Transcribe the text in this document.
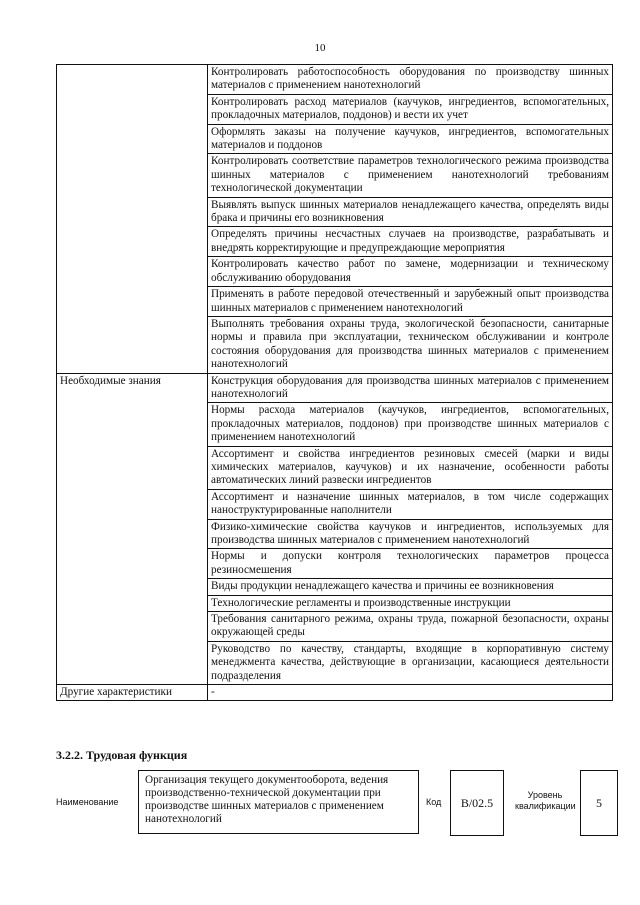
10
	Контролировать работоспособность оборудования по производству шинных материалов с применением нанотехнологий
	Контролировать расход материалов (каучуков, ингредиентов, вспомогательных, прокладочных материалов, поддонов) и вести их учет
	Оформлять заказы на получение каучуков, ингредиентов, вспомогательных материалов и поддонов
	Контролировать соответствие параметров технологического режима производства шинных материалов с применением нанотехнологий требованиям технологической документации
	Выявлять выпуск шинных материалов ненадлежащего качества, определять виды брака и причины его возникновения
	Определять причины несчастных случаев на производстве, разрабатывать и внедрять корректирующие и предупреждающие мероприятия
	Контролировать качество работ по замене, модернизации и техническому обслуживанию оборудования
	Применять в работе передовой отечественный и зарубежный опыт производства шинных материалов с применением нанотехнологий
	Выполнять требования охраны труда, экологической безопасности, санитарные нормы и правила при эксплуатации, техническом обслуживании и контроле состояния оборудования для производства шинных материалов с применением нанотехнологий
Необходимые знания	Конструкция оборудования для производства шинных материалов с применением нанотехнологий
	Нормы расхода материалов (каучуков, ингредиентов, вспомогательных, прокладочных материалов, поддонов) при производстве шинных материалов с применением нанотехнологий
	Ассортимент и свойства ингредиентов резиновых смесей (марки и виды химических материалов, каучуков) и их назначение, особенности работы автоматических линий развески ингредиентов
	Ассортимент и назначение шинных материалов, в том числе содержащих наноструктурированные наполнители
	Физико-химические свойства каучуков и ингредиентов, используемых для производства шинных материалов с применением нанотехнологий
	Нормы и допуски контроля технологических параметров процесса резиносмешения
	Виды продукции ненадлежащего качества и причины ее возникновения
	Технологические регламенты и производственные инструкции
	Требования санитарного режима, охраны труда, пожарной безопасности, охраны окружающей среды
	Руководство по качеству, стандарты, входящие в корпоративную систему менеджмента качества, действующие в организации, касающиеся деятельности подразделения
Другие характеристики	-
3.2.2. Трудовая функция
Наименование
Организация текущего документооборота, ведения производственно-технической документации при производстве шинных материалов с применением нанотехнологий
Код	В/02.5
Уровень
квалификации	5
